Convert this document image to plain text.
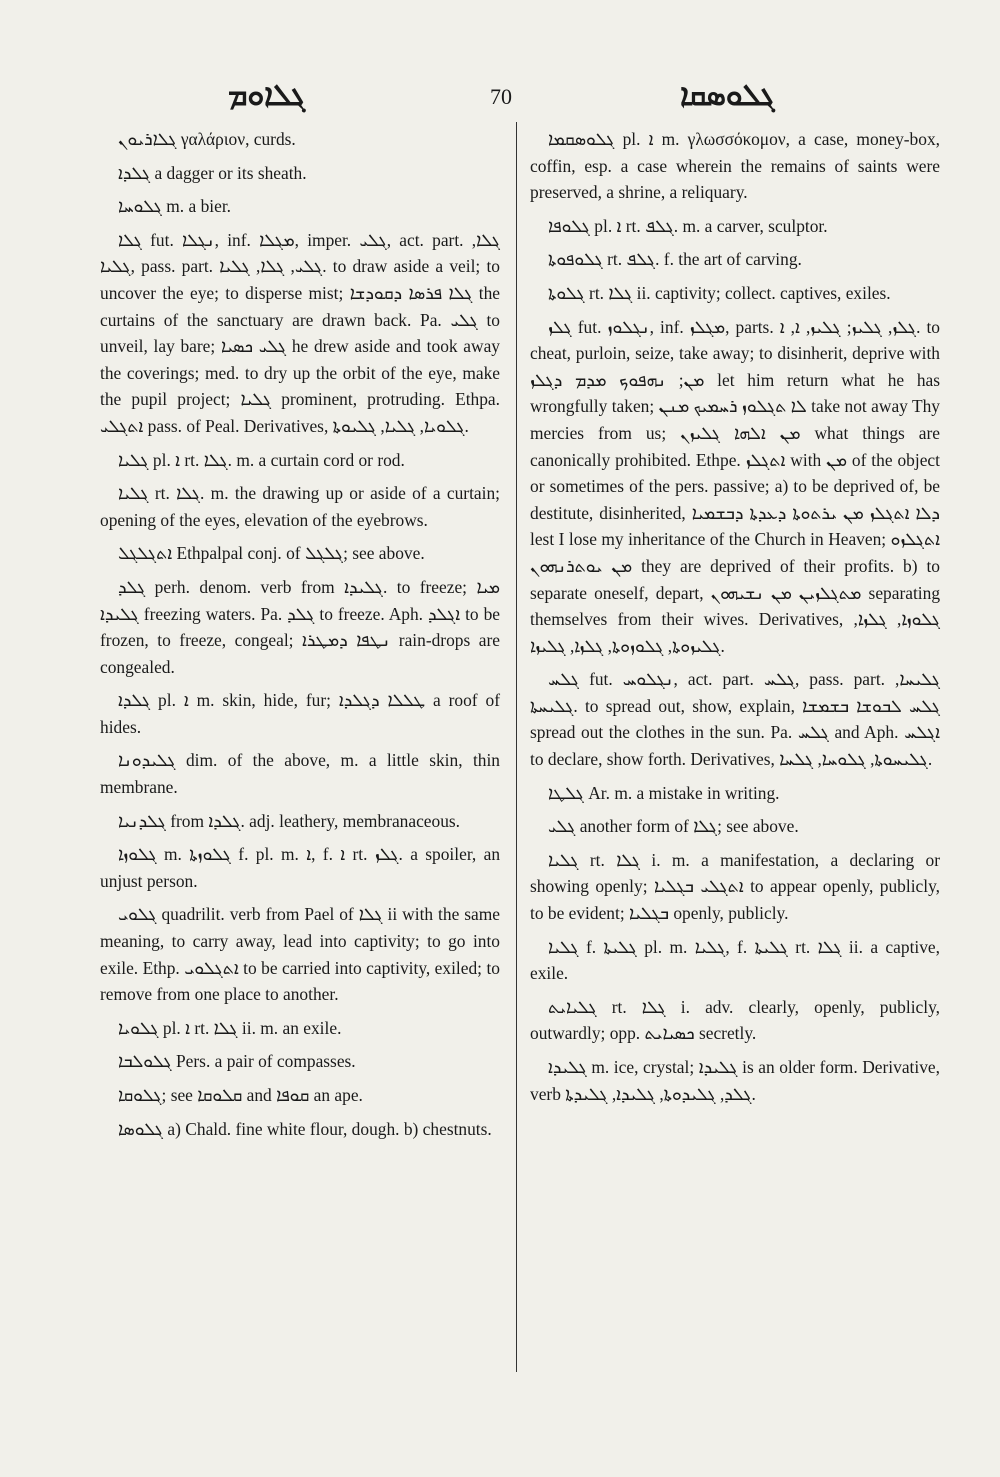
ܓܠܐܘܡ	70	ܓܠܘܣܩܐ

ܓܠܐܪܝܘܢ γαλάριον, curds.

ܓܠܕܐ a dagger or its sheath.

ܓܠܘܚܐ m. a bier.

ܓܠܐ fut. ܢܓܠܐ, inf. ܡܓܠܐ, imper. ܓܠܝ, act. part. ܓܠܐ, ܓܠܝܐ, pass. part. ܓܠܝ, ܓܠܐ, ܓܠܝܐ. to draw aside a veil; to uncover the eye; to disperse mist; ܓܠܐ ܦܪܣܐ ܕܩܘܕܫܐ the curtains of the sanctuary are drawn back. Pa. ܓܠܝ to unveil, lay bare; ܓܠܝ ܟܣܝܐ he drew aside and took away the coverings; med. to dry up the orbit of the eye, make the pupil project; ܓܠܝܐ prominent, protruding. Ethpa. ܐܬܓܠܝ pass. of Peal. Derivatives, ܓܠܘܝܐ, ܓܠܝܐ, ܓܠܝܘܬܐ.

ܓܠܝܐ pl. ܐ rt. ܓܠܐ. m. a curtain cord or rod.

ܓܠܝܐ rt. ܓܠܐ. m. the drawing up or aside of a curtain; opening of the eyes, elevation of the eyebrows.

ܐܬܓܠܓܠ Ethpalpal conj. of ܓܠܓܠ; see above.

ܓܠܕ perh. denom. verb from ܓܠܝܕܐ. to freeze; ܡܝܐ ܓܠܝܕܐ freezing waters. Pa. ܓܠܕ to freeze. Aph. ܐܓܠܕ to be frozen, to freeze, congeal; ܢܛܦܐ ܕܡܛܪܐ rain-drops are congealed.

ܓܠܕܐ pl. ܐ m. skin, hide, fur; ܛܠܠܐ ܕܓܠܕܐ a roof of hides.

ܓܠܝܕܘܢܐ dim. of the above, m. a little skin, thin membrane.

ܓܠܕܢܝܐ from ܓܠܕܐ. adj. leathery, membranaceous.

ܓܠܘܙܐ m. ܓܠܘܙܬܐ f. pl. m. ܐ, f. ܐ rt. ܓܠܙ. a spoiler, an unjust person.

ܓܠܘܝ quadrilit. verb from Pael of ܓܠܐ ii with the same meaning, to carry away, lead into captivity; to go into exile. Ethp. ܐܬܓܠܘܝ to be carried into captivity, exiled; to remove from one place to another.

ܓܠܘܝܐ pl. ܐ rt. ܓܠܐ ii. m. an exile.

ܓܠܘܠܒܐ Pers. a pair of compasses.

ܓܠܘܩܐ; see ܩܠܘܩܐ and ܩܘܦܐ an ape.

ܓܠܘܣܐ a) Chald. fine white flour, dough. b) chestnuts.

ܓܠܘܣܩܡܐ pl. ܐ m. γλωσσόκομον, a case, money-box, coffin, esp. a case wherein the remains of saints were preserved, a shrine, a reliquary.

ܓܠܘܦܐ pl. ܐ rt. ܓܠܦ. m. a carver, sculptor.

ܓܠܘܦܘܬܐ rt. ܓܠܦ. f. the art of carving.

ܓܠܘܬܐ rt. ܓܠܐ ii. captivity; collect. captives, exiles.

ܓܠܙ fut. ܢܓܠܘܙ, inf. ܡܓܠܙ, parts. ܓܠܙ, ܓܠܝܙ; ܓܠܝܙ, ܐ, ܐ. to cheat, purloin, seize, take away; to disinherit, deprive with ܡܢ; ܢܗܦܘܟ ܡܕܡ ܕܓܠܙ let him return what he has wrongfully taken; ܠܐ ܬܓܠܘܙ ܪܚܡܝܟ ܡܢܢ take not away Thy mercies from us; ܡܢ ܐܠܗܐ ܓܠܝܙܢ what things are canonically prohibited. Ethpe. ܐܬܓܠܙ with ܡܢ of the object or sometimes of the pers. passive; a) to be deprived of, be destitute, disinherited, ܕܠܐ ܐܬܓܠܙ ܡܢ ܝܪܬܘܬܐ ܕܥܕܬܐ ܕܒܫܡܝܐ lest I lose my inheritance of the Church in Heaven; ܐܬܓܠܙܘ ܡܢ ܝܘܬܪܢܗܘܢ they are deprived of their profits. b) to separate oneself, depart, ܡܬܓܠܙܝܢ ܡܢ ܢܫܝܗܘܢ separating themselves from their wives. Derivatives, ܓܠܘܙܐ, ܓܠܙܐ, ܓܠܝܙܘܬܐ, ܓܠܘܙܘܬܐ, ܓܠܙܐ, ܓܠܝܙܐ.

ܓܠܚ fut. ܢܓܠܘܚ, act. part. ܓܠܚ, pass. part. ܓܠܝܚܐ, ܓܠܝܚܬܐ. to spread out, show, explain, ܓܠܚ ܠܒܘܫܐ ܒܫܡܫܐ spread out the clothes in the sun. Pa. ܓܠܚ and Aph. ܐܓܠܚ to declare, show forth. Derivatives, ܓܠܝܚܘܬܐ, ܓܠܘܚܐ, ܓܠܚܐ.

ܓܠܛܐ Ar. m. a mistake in writing.

ܓܠܝ another form of ܓܠܐ; see above.

ܓܠܝܐ rt. ܓܠܐ i. m. a manifestation, a declaring or showing openly; ܐܬܓܠܝ ܒܓܠܝܐ to appear openly, publicly, to be evident; ܒܓܠܝܐ openly, publicly.

ܓܠܝܐ f. ܓܠܝܬܐ pl. m. ܓܠܝܐ, f. ܓܠܝܬܐ rt. ܓܠܐ ii. a captive, exile.

ܓܠܝܐܝܬ rt. ܓܠܐ i. adv. clearly, openly, publicly, outwardly; opp. ܟܣܝܐܝܬ secretly.

ܓܠܝܕܐ m. ice, crystal; ܓܠܝܕܐ is an older form. Derivative, verb ܓܠܕ, ܓܠܝܕܘܬܐ, ܓܠܝܕܐ, ܓܠܝܕܬܐ.
